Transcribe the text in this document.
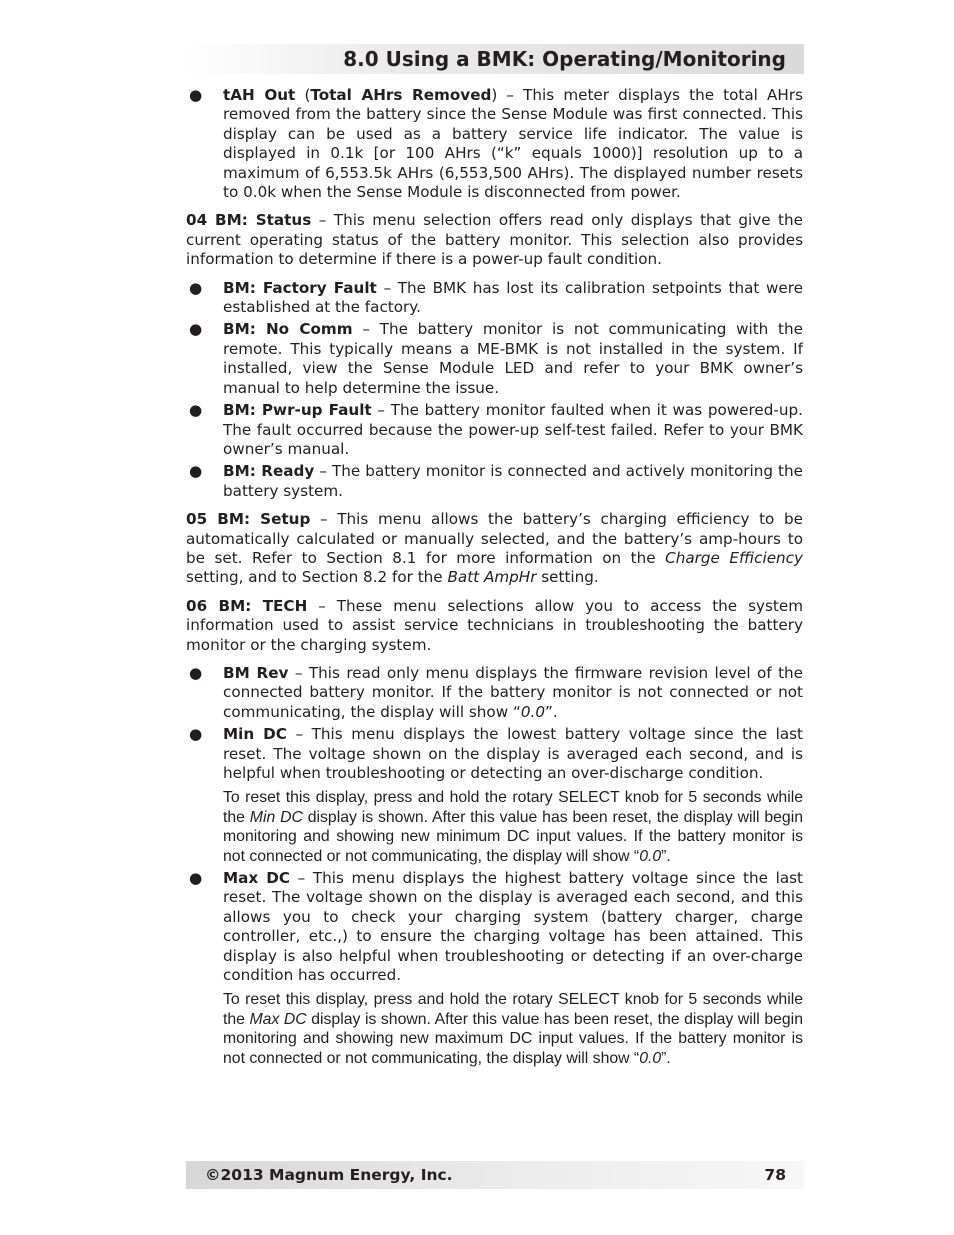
8.0 Using a BMK: Operating/Monitoring
● tAH Out (Total AHrs Removed) – This meter displays the total AHrs removed from the battery since the Sense Module was first connected. This display can be used as a battery service life indicator. The value is displayed in 0.1k [or 100 AHrs (“k” equals 1000)] resolution up to a maximum of 6,553.5k AHrs (6,553,500 AHrs). The displayed number resets to 0.0k when the Sense Module is disconnected from power.

04 BM: Status – This menu selection offers read only displays that give the current operating status of the battery monitor. This selection also provides information to determine if there is a power-up fault condition.

● BM: Factory Fault – The BMK has lost its calibration setpoints that were established at the factory.
● BM: No Comm – The battery monitor is not communicating with the remote. This typically means a ME-BMK is not installed in the system. If installed, view the Sense Module LED and refer to your BMK owner’s manual to help determine the issue.
● BM: Pwr-up Fault – The battery monitor faulted when it was powered-up. The fault occurred because the power-up self-test failed. Refer to your BMK owner’s manual.
● BM: Ready – The battery monitor is connected and actively monitoring the battery system.

05 BM: Setup – This menu allows the battery’s charging efficiency to be automatically calculated or manually selected, and the battery’s amp-hours to be set. Refer to Section 8.1 for more information on the Charge Efficiency setting, and to Section 8.2 for the Batt AmpHr setting.

06 BM: TECH – These menu selections allow you to access the system information used to assist service technicians in troubleshooting the battery monitor or the charging system.

● BM Rev – This read only menu displays the firmware revision level of the connected battery monitor. If the battery monitor is not connected or not communicating, the display will show “0.0”.
● Min DC – This menu displays the lowest battery voltage since the last reset. The voltage shown on the display is averaged each second, and is helpful when troubleshooting or detecting an over-discharge condition.
To reset this display, press and hold the rotary SELECT knob for 5 seconds while the Min DC display is shown. After this value has been reset, the display will begin monitoring and showing new minimum DC input values. If the battery monitor is not connected or not communicating, the display will show “0.0”.
● Max DC – This menu displays the highest battery voltage since the last reset. The voltage shown on the display is averaged each second, and this allows you to check your charging system (battery charger, charge controller, etc.,) to ensure the charging voltage has been attained. This display is also helpful when troubleshooting or detecting if an over-charge condition has occurred.
To reset this display, press and hold the rotary SELECT knob for 5 seconds while the Max DC display is shown. After this value has been reset, the display will begin monitoring and showing new maximum DC input values. If the battery monitor is not connected or not communicating, the display will show “0.0”.
©2013 Magnum Energy, Inc.	78
